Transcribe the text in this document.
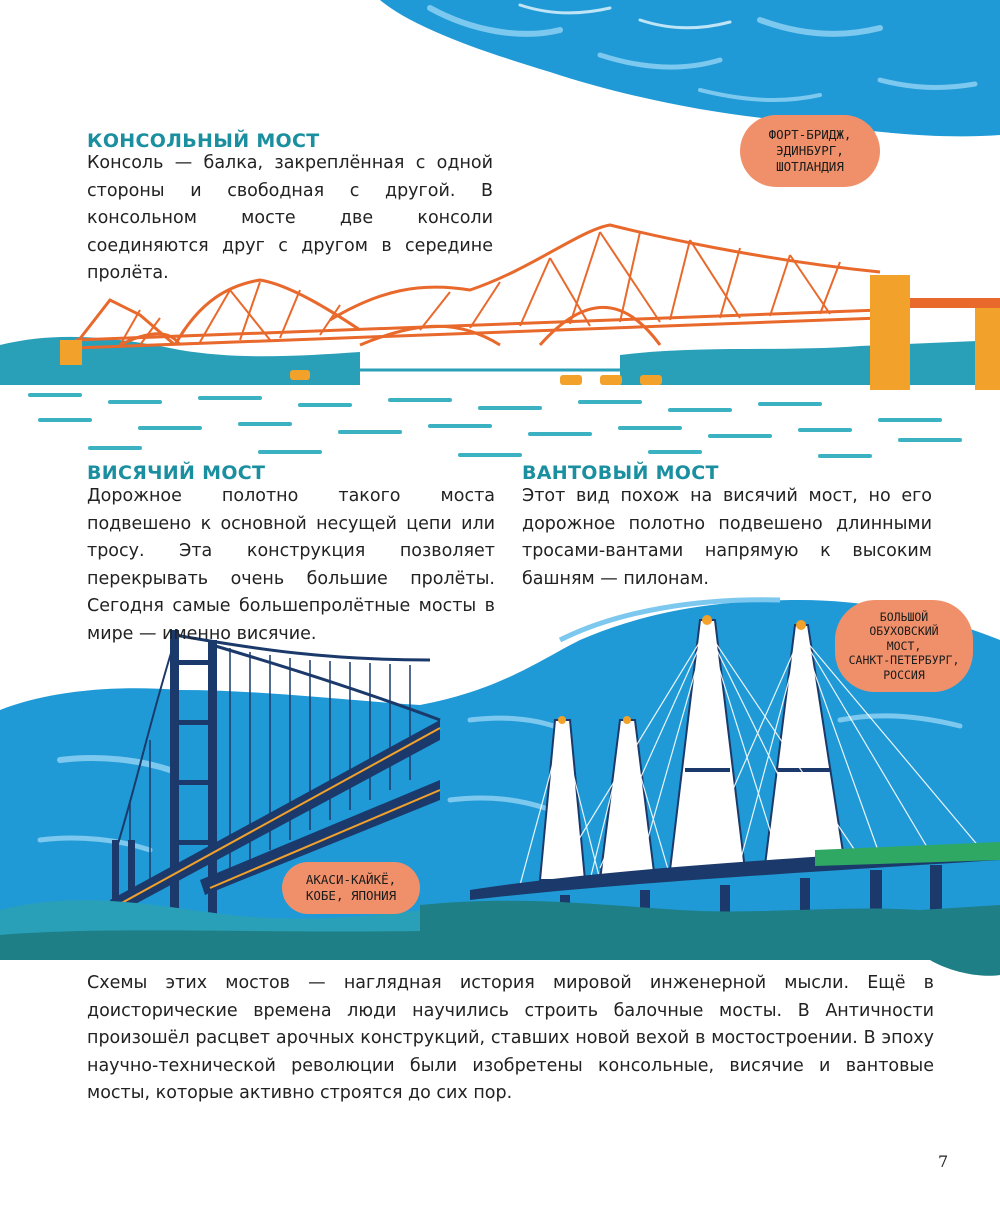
КОНСОЛЬНЫЙ МОСТ

Консоль — балка, закреплённая с одной стороны и свободная с другой. В консольном мосте две консоли соединяются друг с другом в середине пролёта.

ВИСЯЧИЙ МОСТ

Дорожное полотно такого моста подвешено к основной несущей цепи или тросу. Эта конструкция позволяет перекрывать очень большие пролёты. Сегодня самые большепролётные мосты в мире — именно висячие.

ВАНТОВЫЙ МОСТ

Этот вид похож на висячий мост, но его дорожное полотно подвешено длинными тросами-вантами напрямую к высоким башням — пилонам.

ФОРТ-БРИДЖ,
ЭДИНБУРГ,
ШОТЛАНДИЯ
АКАСИ-КАЙКЁ,
КОБЕ, ЯПОНИЯ
БОЛЬШОЙ
ОБУХОВСКИЙ
МОСТ,
САНКТ-ПЕТЕРБУРГ,
РОССИЯ

Схемы этих мостов — наглядная история мировой инженерной мысли. Ещё в доисторические времена люди научились строить балочные мосты. В Античности произошёл расцвет арочных конструкций, ставших новой вехой в мостостроении. В эпоху научно-технической революции были изобретены консольные, висячие и вантовые мосты, которые активно строятся до сих пор.

7
